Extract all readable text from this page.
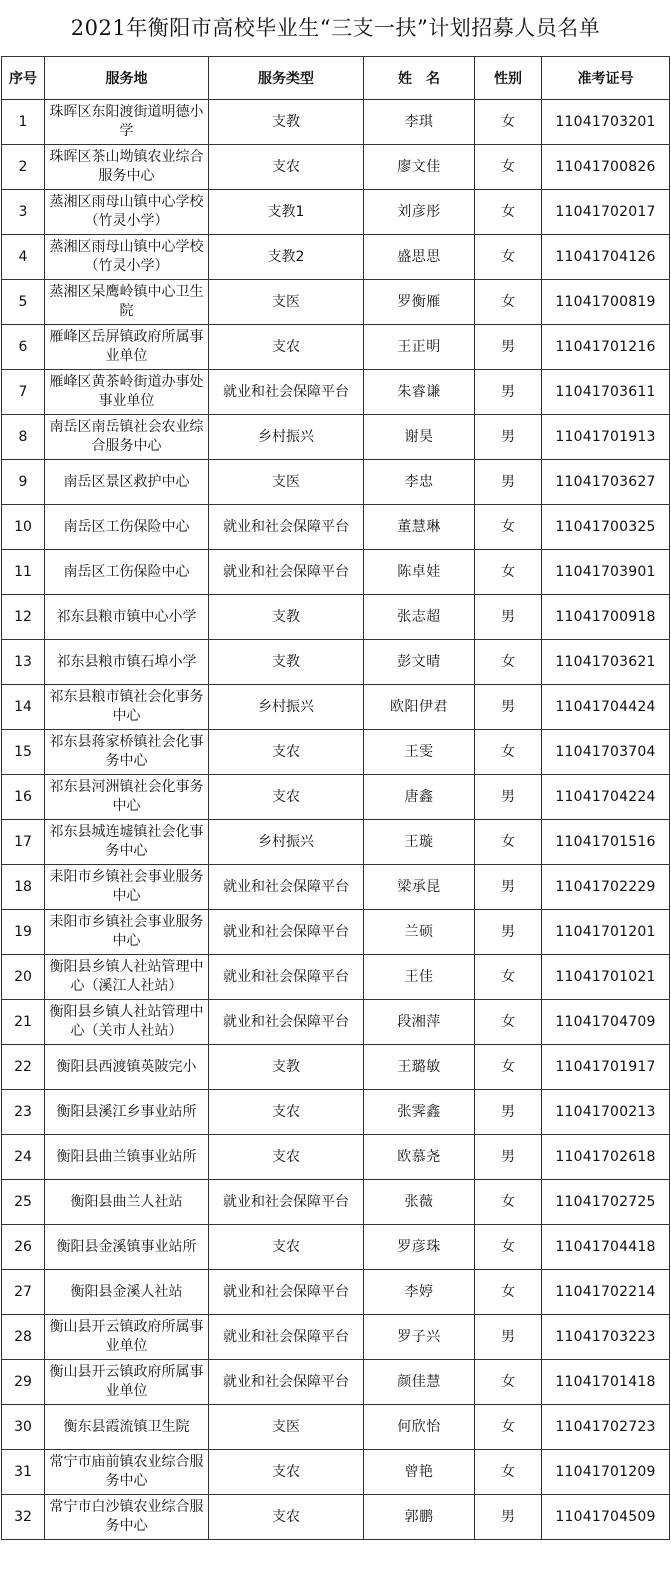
2021年衡阳市高校毕业生“三支一扶”计划招募人员名单
序号	服务地	服务类型	姓　名	性别	准考证号
1	珠晖区东阳渡街道明德小学	支教	李琪	女	11041703201
2	珠晖区茶山坳镇农业综合服务中心	支农	廖文佳	女	11041700826
3	蒸湘区雨母山镇中心学校（竹灵小学）	支教1	刘彦彤	女	11041702017
4	蒸湘区雨母山镇中心学校（竹灵小学）	支教2	盛思思	女	11041704126
5	蒸湘区呆鹰岭镇中心卫生院	支医	罗衡雁	女	11041700819
6	雁峰区岳屏镇政府所属事业单位	支农	王正明	男	11041701216
7	雁峰区黄茶岭街道办事处事业单位	就业和社会保障平台	朱睿谦	男	11041703611
8	南岳区南岳镇社会农业综合服务中心	乡村振兴	谢昊	男	11041701913
9	南岳区景区救护中心	支医	李忠	男	11041703627
10	南岳区工伤保险中心	就业和社会保障平台	董慧琳	女	11041700325
11	南岳区工伤保险中心	就业和社会保障平台	陈卓娃	女	11041703901
12	祁东县粮市镇中心小学	支教	张志超	男	11041700918
13	祁东县粮市镇石埠小学	支教	彭文晴	女	11041703621
14	祁东县粮市镇社会化事务中心	乡村振兴	欧阳伊君	男	11041704424
15	祁东县蒋家桥镇社会化事务中心	支农	王雯	女	11041703704
16	祁东县河洲镇社会化事务中心	支农	唐鑫	男	11041704224
17	祁东县城连墟镇社会化事务中心	乡村振兴	王璇	女	11041701516
18	耒阳市乡镇社会事业服务中心	就业和社会保障平台	梁承昆	男	11041702229
19	耒阳市乡镇社会事业服务中心	就业和社会保障平台	兰硕	男	11041701201
20	衡阳县乡镇人社站管理中心（溪江人社站）	就业和社会保障平台	王佳	女	11041701021
21	衡阳县乡镇人社站管理中心（关市人社站）	就业和社会保障平台	段湘萍	女	11041704709
22	衡阳县西渡镇英陂完小	支教	王璐敏	女	11041701917
23	衡阳县溪江乡事业站所	支农	张霁鑫	男	11041700213
24	衡阳县曲兰镇事业站所	支农	欧慕尧	男	11041702618
25	衡阳县曲兰人社站	就业和社会保障平台	张薇	女	11041702725
26	衡阳县金溪镇事业站所	支农	罗彦珠	女	11041704418
27	衡阳县金溪人社站	就业和社会保障平台	李婷	女	11041702214
28	衡山县开云镇政府所属事业单位	就业和社会保障平台	罗子兴	男	11041703223
29	衡山县开云镇政府所属事业单位	就业和社会保障平台	颜佳慧	女	11041701418
30	衡东县霞流镇卫生院	支医	何欣怡	女	11041702723
31	常宁市庙前镇农业综合服务中心	支农	曾艳	女	11041701209
32	常宁市白沙镇农业综合服务中心	支农	郭鹏	男	11041704509
